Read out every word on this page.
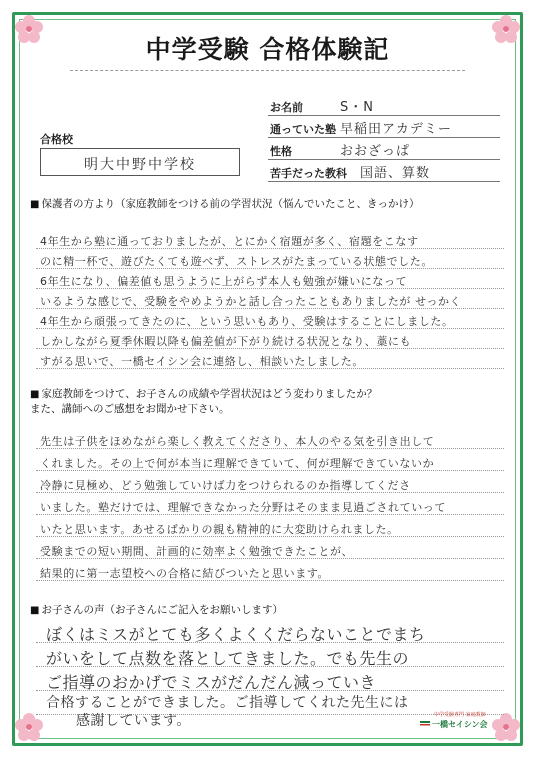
中学受験 合格体験記
お名前	S・N
通っていた塾 早稲田アカデミー
性格	おおざっぱ
苦手だった教科 国語、算数
合格校
明大中野中学校
■ 保護者の方より（家庭教師をつける前の学習状況（悩んでいたこと、きっかけ）
4年生から塾に通っておりましたが、とにかく宿題が多く、宿題をこなす
のに精一杯で、遊びたくても遊べず、ストレスがたまっている状態でした。
6年生になり、偏差値も思うように上がらず本人も勉強が嫌いになって
いるような感じで、受験をやめようかと話し合ったこともありましたが せっかく
4年生から頑張ってきたのに、という思いもあり、受験はすることにしました。
しかしながら夏季休暇以降も偏差値が下がり続ける状況となり、藁にも
すがる思いで、一橋セイシン会に連絡し、相談いたしました。
■ 家庭教師をつけて、お子さんの成績や学習状況はどう変わりましたか？
また、講師へのご感想をお聞かせ下さい。
先生は子供をほめながら楽しく教えてくださり、本人のやる気を引き出して
くれました。その上で何が本当に理解できていて、何が理解できていないか
冷静に見極め、どう勉強していけば力をつけられるのか指導してくださ
いました。塾だけでは、理解できなかった分野はそのまま見過ごされていって
いたと思います。あせるばかりの親も精神的に大変助けられました。
受験までの短い期間、計画的に効率よく勉強できたことが、
結果的に第一志望校への合格に結びついたと思います。
■ お子さんの声（お子さんにご記入をお願いします）
ぼくはミスがとても多くよくくだらないことでまち
がいをして点数を落としてきました。でも先生の
ご指導のおかげでミスがだんだん減っていき
合格することができました。ご指導してくれた先生には
感謝しています。	中学受験専門 家庭教師
一橋セイシン会
